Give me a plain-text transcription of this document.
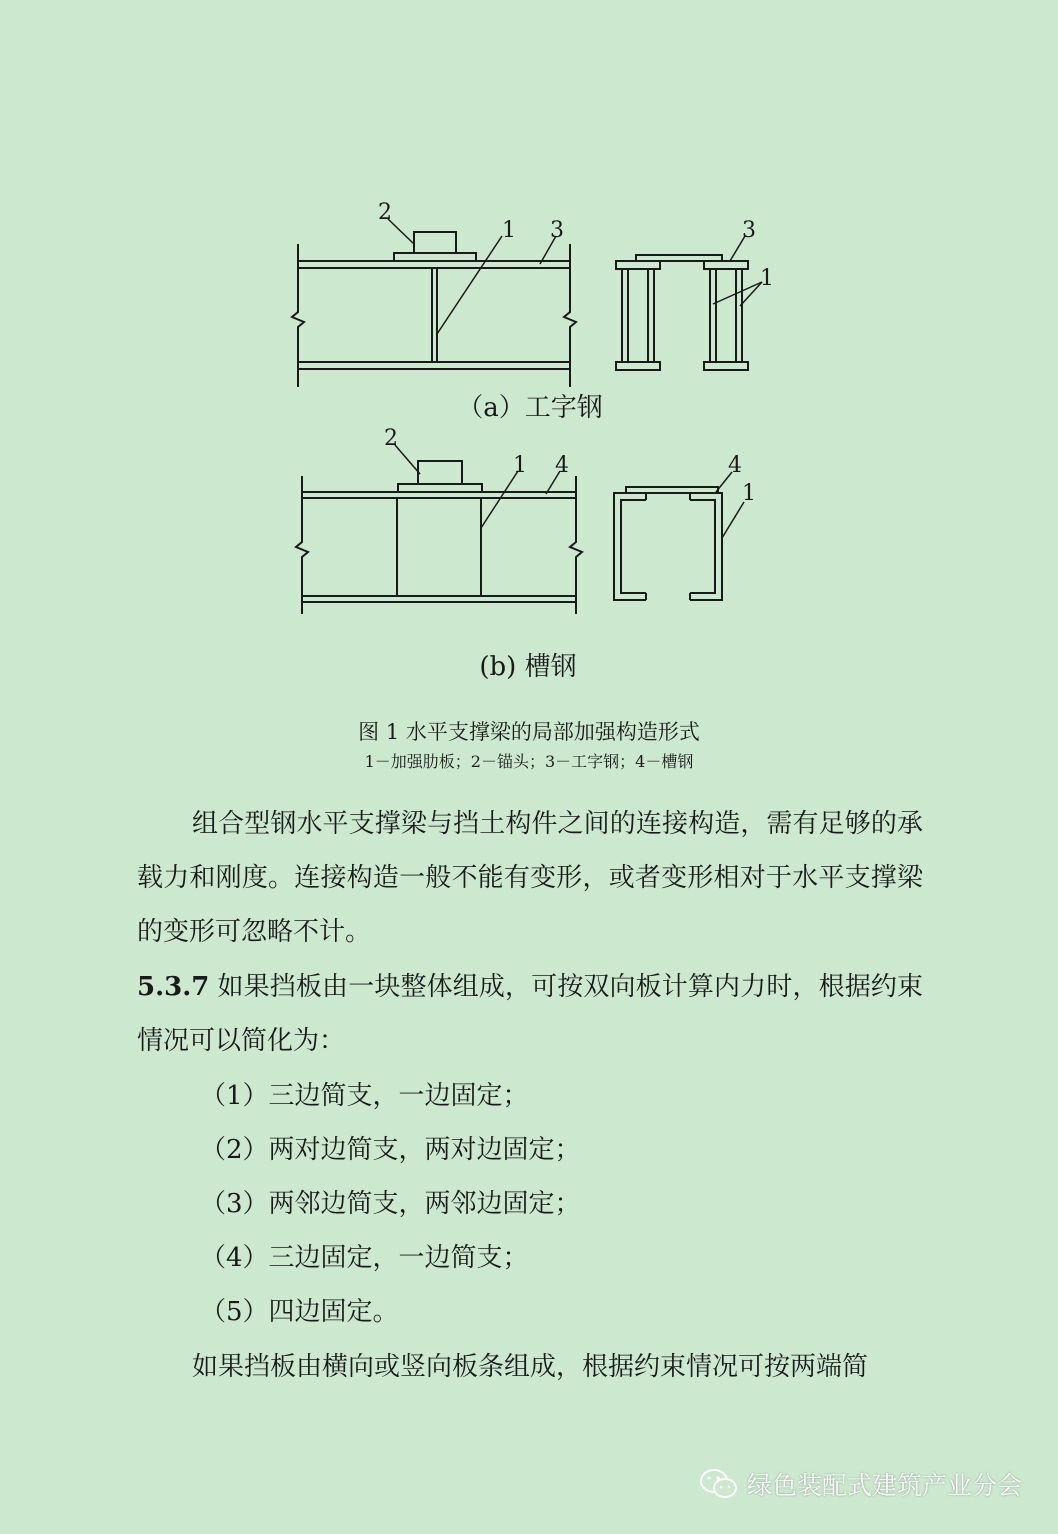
2
1 3	3
1
2
1 4	4
1
（a）工字钢
(b) 槽钢
图 1 水平支撑梁的局部加强构造形式
1－加强肋板；2－锚头；3－工字钢；4－槽钢
组合型钢水平支撑梁与挡土构件之间的连接构造，需有足够的承载力和刚度。连接构造一般不能有变形，或者变形相对于水平支撑梁的变形可忽略不计。
5.3.7 如果挡板由一块整体组成，可按双向板计算内力时，根据约束情况可以简化为：
（1）三边简支，一边固定；
（2）两对边简支，两对边固定；
（3）两邻边简支，两邻边固定；
（4）三边固定，一边简支；
（5）四边固定。
如果挡板由横向或竖向板条组成，根据约束情况可按两端简
绿色装配式建筑产业分会
